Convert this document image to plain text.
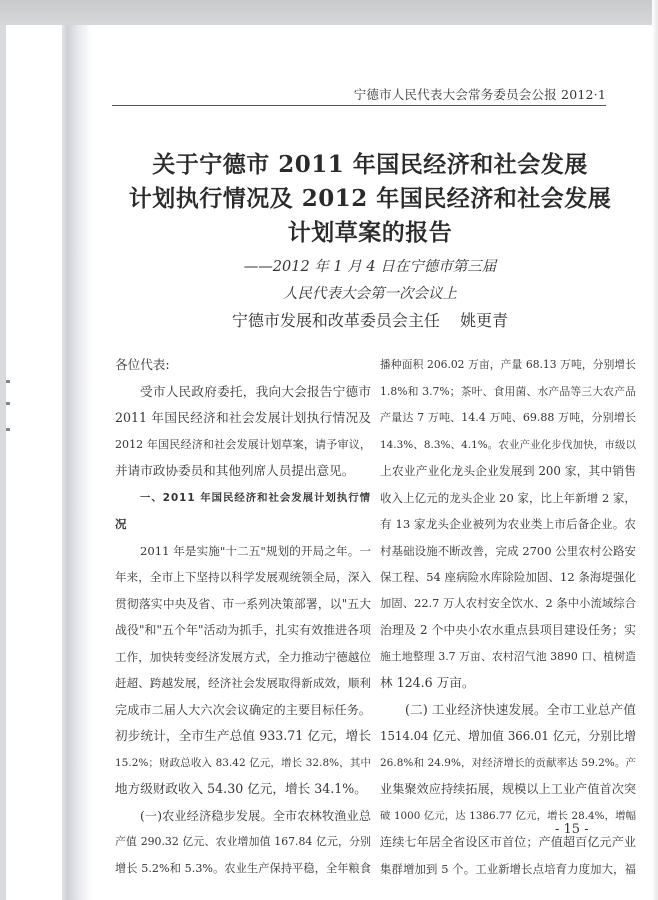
宁德市人民代表大会常务委员会公报 2012·1
关于宁德市 2011 年国民经济和社会发展
计划执行情况及 2012 年国民经济和社会发展
计划草案的报告
——2012 年 1 月 4 日在宁德市第三届
人民代表大会第一次会议上
宁德市发展和改革委员会主任    姚更青
各位代表:
受市人民政府委托，我向大会报告宁德市
2011 年国民经济和社会发展计划执行情况及
2012 年国民经济和社会发展计划草案，请予审议，
并请市政协委员和其他列席人员提出意见。
一、2011 年国民经济和社会发展计划执行情
况
2011 年是实施"十二五"规划的开局之年。一
年来，全市上下坚持以科学发展观统领全局，深入
贯彻落实中央及省、市一系列决策部署，以"五大
战役"和"五个年"活动为抓手，扎实有效推进各项
工作，加快转变经济发展方式，全力推动宁德越位
赶超、跨越发展，经济社会发展取得新成效，顺利
完成市二届人大六次会议确定的主要目标任务。
初步统计，全市生产总值 933.71 亿元，增长
15.2%；财政总收入 83.42 亿元，增长 32.8%，其中
地方级财政收入 54.30 亿元，增长 34.1%。
(一)农业经济稳步发展。全市农林牧渔业总
产值 290.32 亿元、农业增加值 167.84 亿元，分别
增长 5.2%和 5.3%。农业生产保持平稳，全年粮食
播种面积 206.02 万亩，产量 68.13 万吨，分别增长
1.8%和 3.7%；茶叶、食用菌、水产品等三大农产品
产量达 7 万吨、14.4 万吨、69.88 万吨，分别增长
14.3%、8.3%、4.1%。农业产业化步伐加快，市级以
上农业产业化龙头企业发展到 200 家，其中销售
收入上亿元的龙头企业 20 家，比上年新增 2 家，
有 13 家龙头企业被列为农业类上市后备企业。农
村基础设施不断改善，完成 2700 公里农村公路安
保工程、54 座病险水库除险加固、12 条海堤强化
加固、22.7 万人农村安全饮水、2 条中小流域综合
治理及 2 个中央小农水重点县项目建设任务；实
施土地整理 3.7 万亩、农村沼气池 3890 口、植树造
林 124.6 万亩。
(二) 工业经济快速发展。全市工业总产值
1514.04 亿元、增加值 366.01 亿元，分别比增
26.8%和 24.9%，对经济增长的贡献率达 59.2%。产
业集聚效应持续拓展，规模以上工业产值首次突
破 1000 亿元，达 1386.77 亿元，增长 28.4%，增幅
连续七年居全省设区市首位；产值超百亿元产业
集群增加到 5 个。工业新增长点培育力度加大，福
- 15 -
